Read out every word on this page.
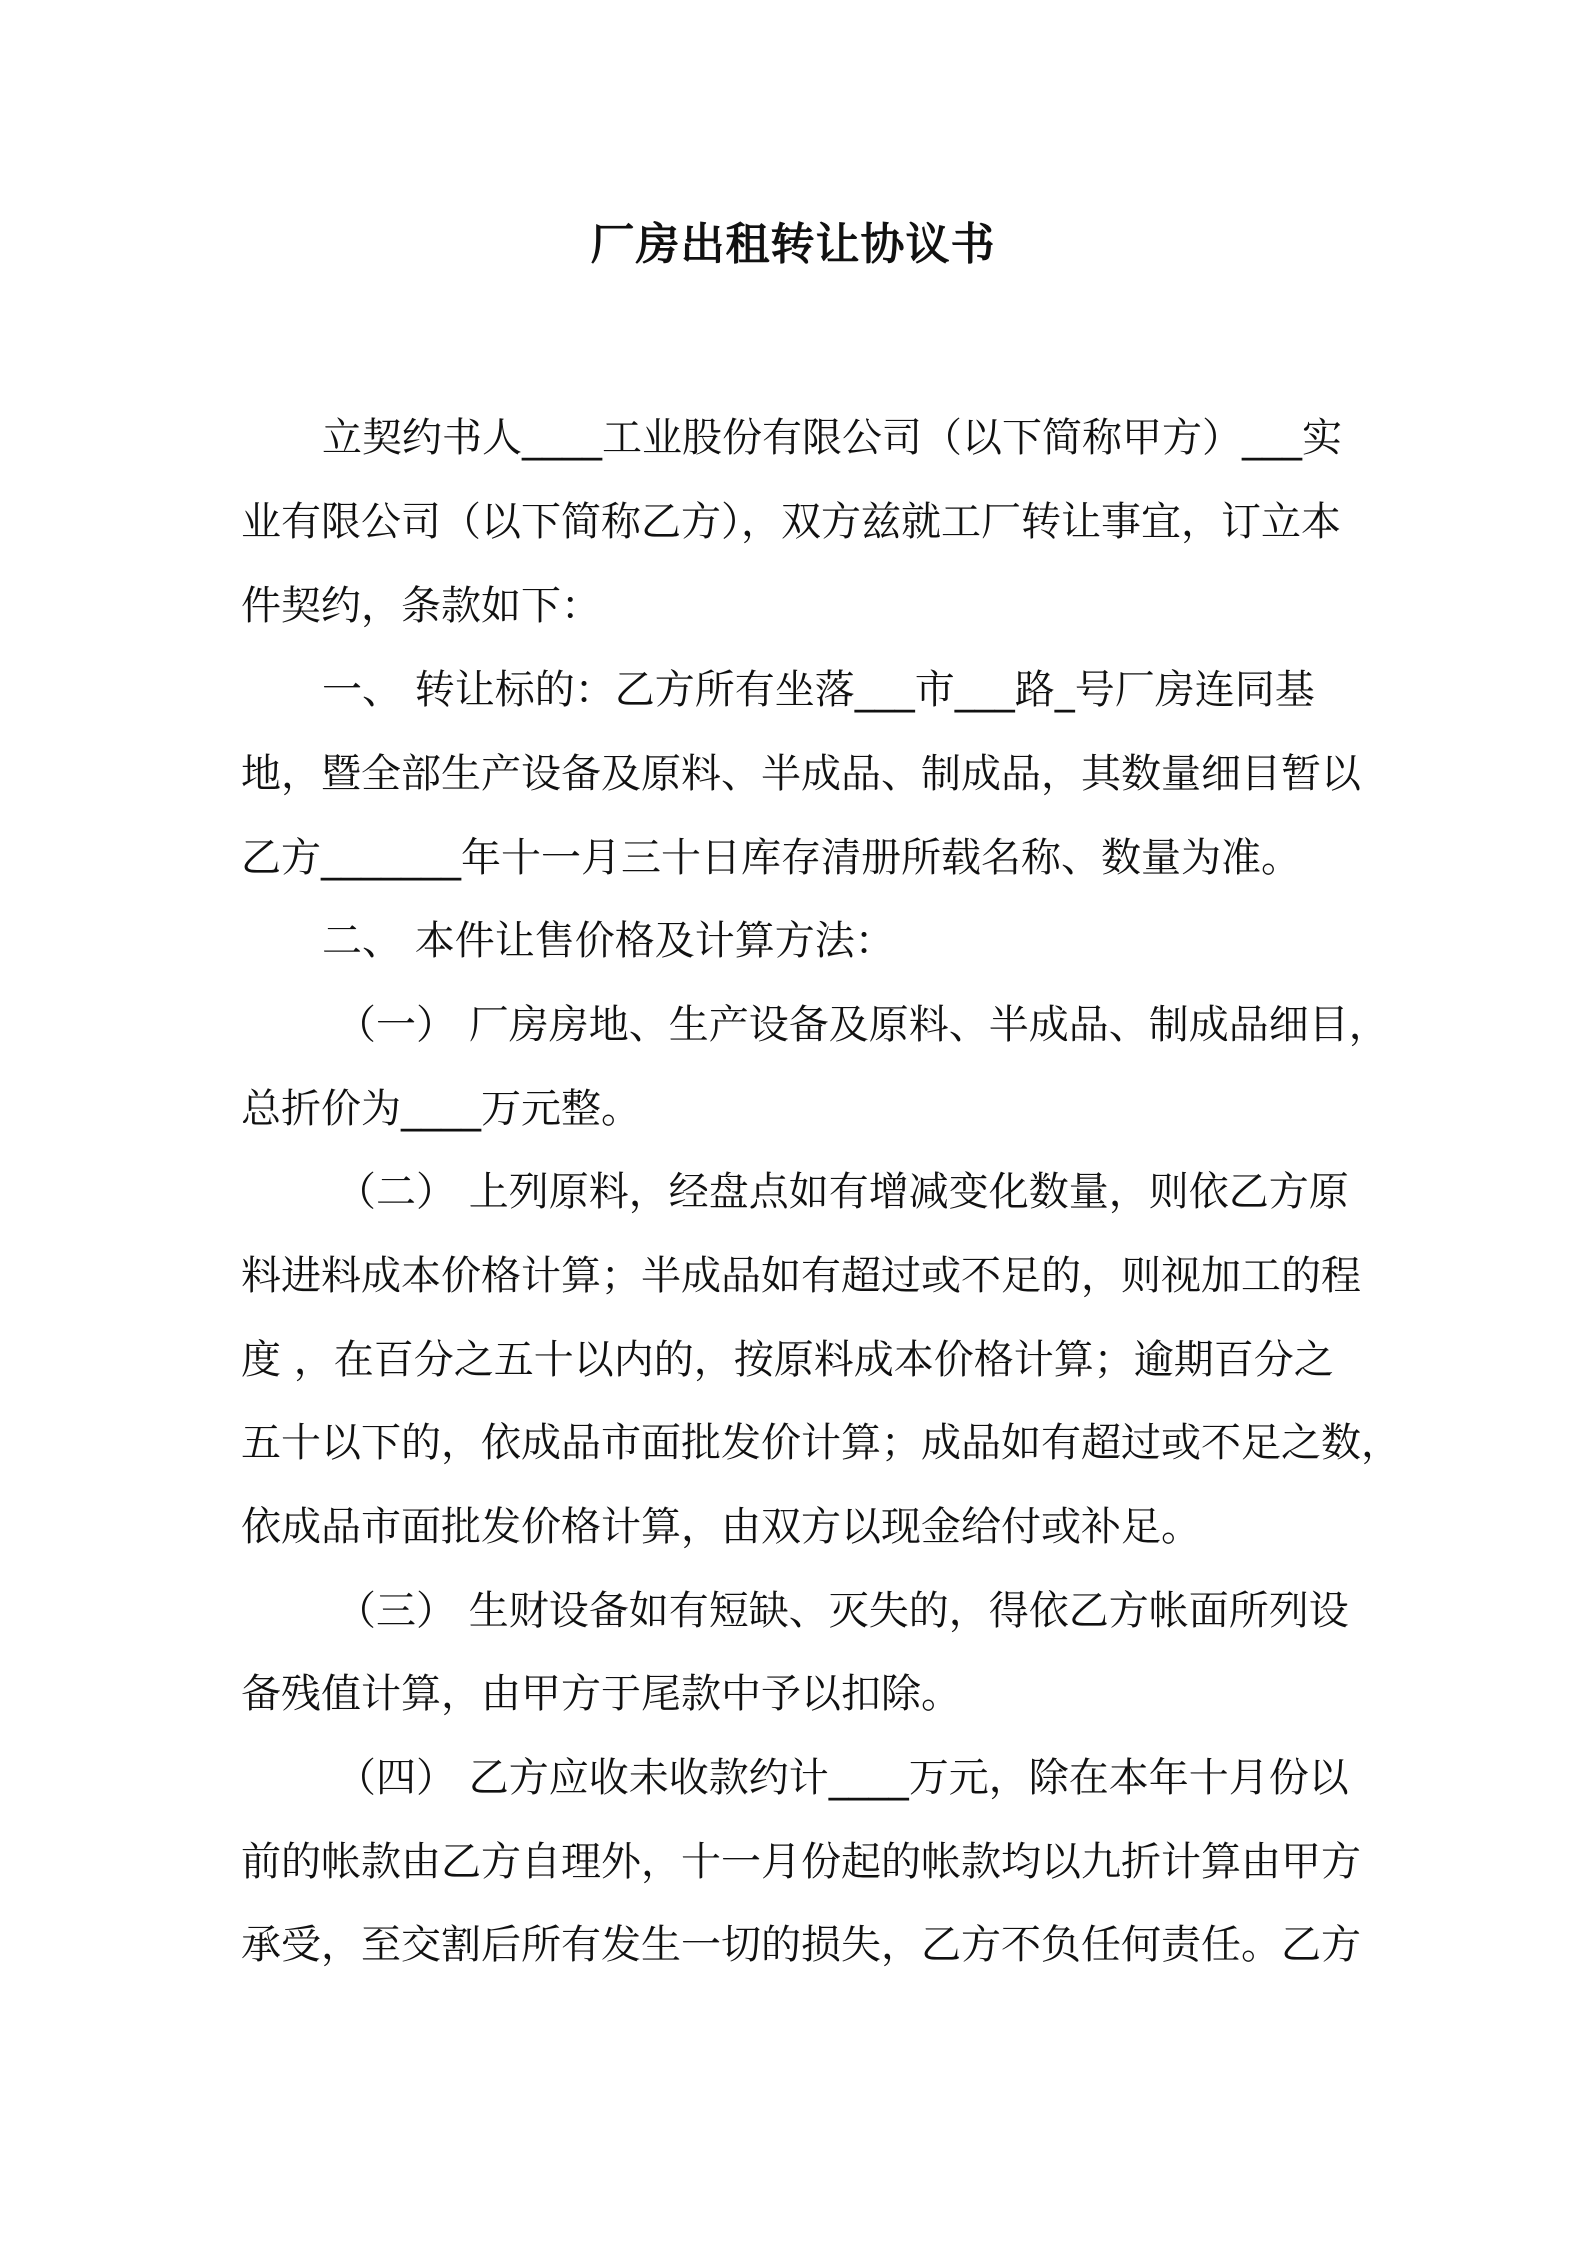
厂房出租转让协议书
立契约书人____工业股份有限公司（以下简称甲方）___实
业有限公司（以下简称乙方），双方兹就工厂转让事宜，订立本
件契约，条款如下：
一、 转让标的：乙方所有坐落___市___路_号厂房连同基
地，暨全部生产设备及原料、半成品、制成品，其数量细目暂以
乙方_______年十一月三十日库存清册所载名称、数量为准。
二、 本件让售价格及计算方法：
（一） 厂房房地、生产设备及原料、半成品、制成品细目，
总折价为____万元整。
（二） 上列原料，经盘点如有增减变化数量，则依乙方原
料进料成本价格计算；半成品如有超过或不足的，则视加工的程
度 ，在百分之五十以内的，按原料成本价格计算；逾期百分之
五十以下的，依成品市面批发价计算；成品如有超过或不足之数，
依成品市面批发价格计算，由双方以现金给付或补足。
（三） 生财设备如有短缺、灭失的，得依乙方帐面所列设
备残值计算，由甲方于尾款中予以扣除。
（四） 乙方应收未收款约计____万元，除在本年十月份以
前的帐款由乙方自理外，十一月份起的帐款均以九折计算由甲方
承受，至交割后所有发生一切的损失，乙方不负任何责任。乙方
